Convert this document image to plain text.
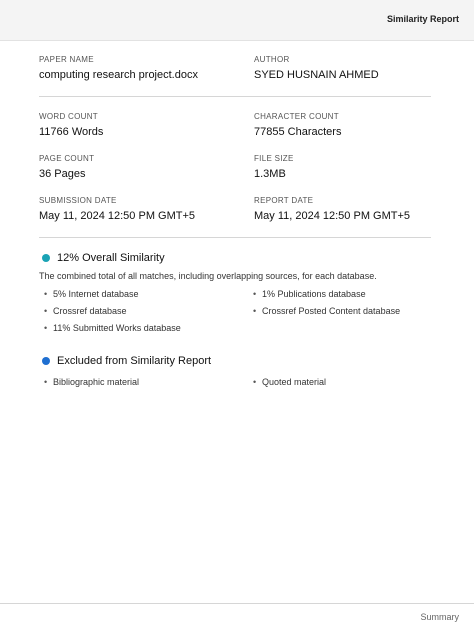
Similarity Report
PAPER NAME
computing research project.docx
AUTHOR
SYED HUSNAIN AHMED
WORD COUNT
11766 Words
CHARACTER COUNT
77855 Characters
PAGE COUNT
36 Pages
FILE SIZE
1.3MB
SUBMISSION DATE
May 11, 2024 12:50 PM GMT+5
REPORT DATE
May 11, 2024 12:50 PM GMT+5
12% Overall Similarity
The combined total of all matches, including overlapping sources, for each database.
• 5% Internet database	• 1% Publications database
• Crossref database	• Crossref Posted Content database
• 11% Submitted Works database
Excluded from Similarity Report
• Bibliographic material	• Quoted material
Summary
